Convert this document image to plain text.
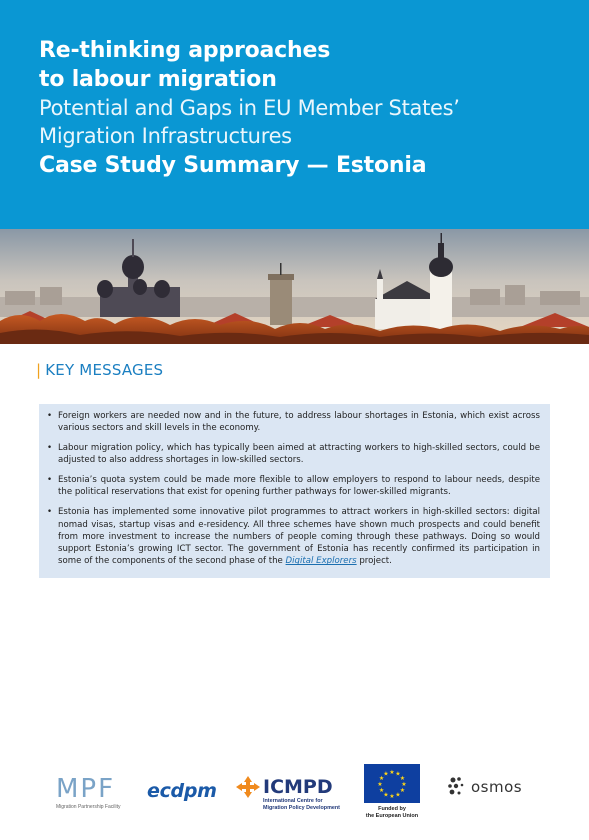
Re-thinking approaches
to labour migration
Potential and Gaps in EU Member States’
Migration Infrastructures
Case Study Summary — Estonia
| KEY MESSAGES
• Foreign workers are needed now and in the future, to address labour shortages in Estonia, which exist across various sectors and skill levels in the economy.
• Labour migration policy, which has typically been aimed at attracting workers to high-skilled sectors, could be adjusted to also address shortages in low-skilled sectors.
• Estonia’s quota system could be made more flexible to allow employers to respond to labour needs, despite the political reservations that exist for opening further pathways for lower-skilled migrants.
• Estonia has implemented some innovative pilot programmes to attract workers in high-skilled sectors: digital nomad visas, startup visas and e-residency. All three schemes have shown much prospects and could benefit from more investment to increase the numbers of people coming through these pathways. Doing so would support Estonia’s growing ICT sector. The government of Estonia has recently confirmed its participation in some of the components of the second phase of the Digital Explorers project.
MPF
Migration Partnership Facility
ecdpm ICMPD
International Centre for
Migration Policy Development
★ ★
★
★
★
★
★
★
★
★
★
★
Funded by
the European Union
osmos
